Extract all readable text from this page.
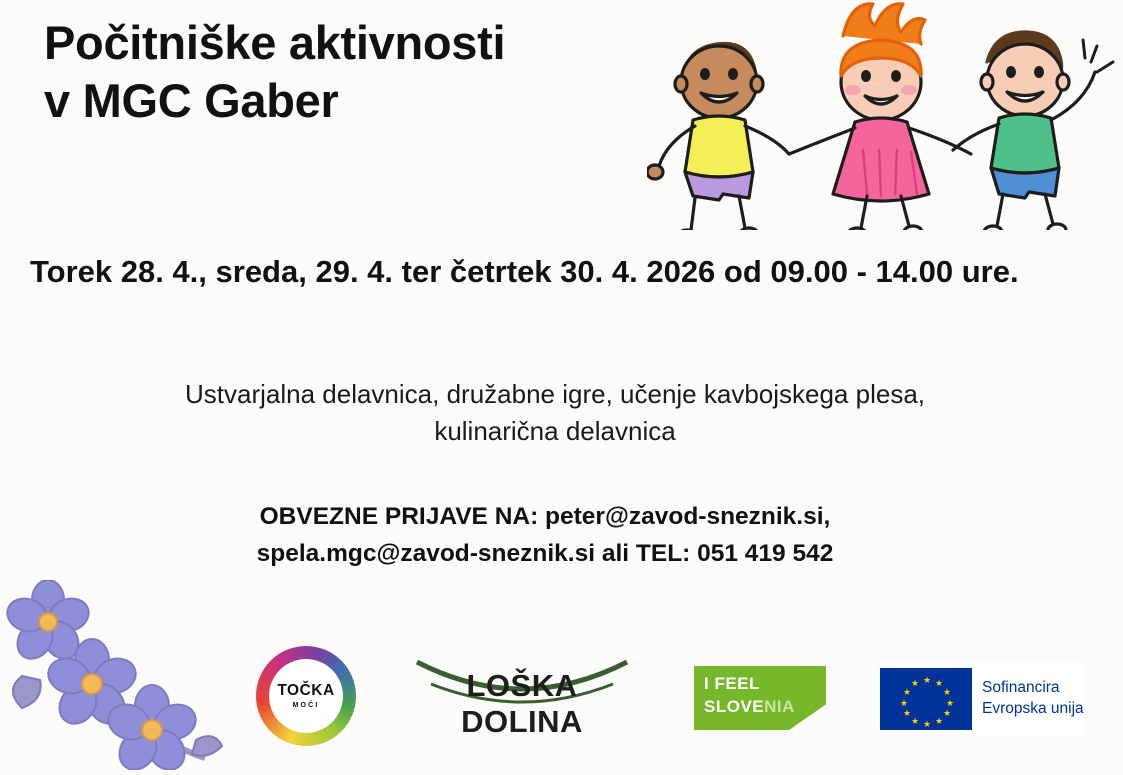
Počitniške aktivnosti
v MGC Gaber
Torek 28. 4., sreda, 29. 4. ter četrtek 30. 4. 2026 od 09.00 - 14.00 ure.
Ustvarjalna delavnica, družabne igre, učenje kavbojskega plesa,
kulinarična delavnica
OBVEZNE PRIJAVE NA: peter@zavod-sneznik.si,
spela.mgc@zavod-sneznik.si ali TEL: 051 419 542
TOČKA
MOČI
LOŠKA DOLINA
I FEEL
SLOVENIA
★ ★
★
★
★
★
★
★
★
★
★
★	Sofinancira
Evropska unija
